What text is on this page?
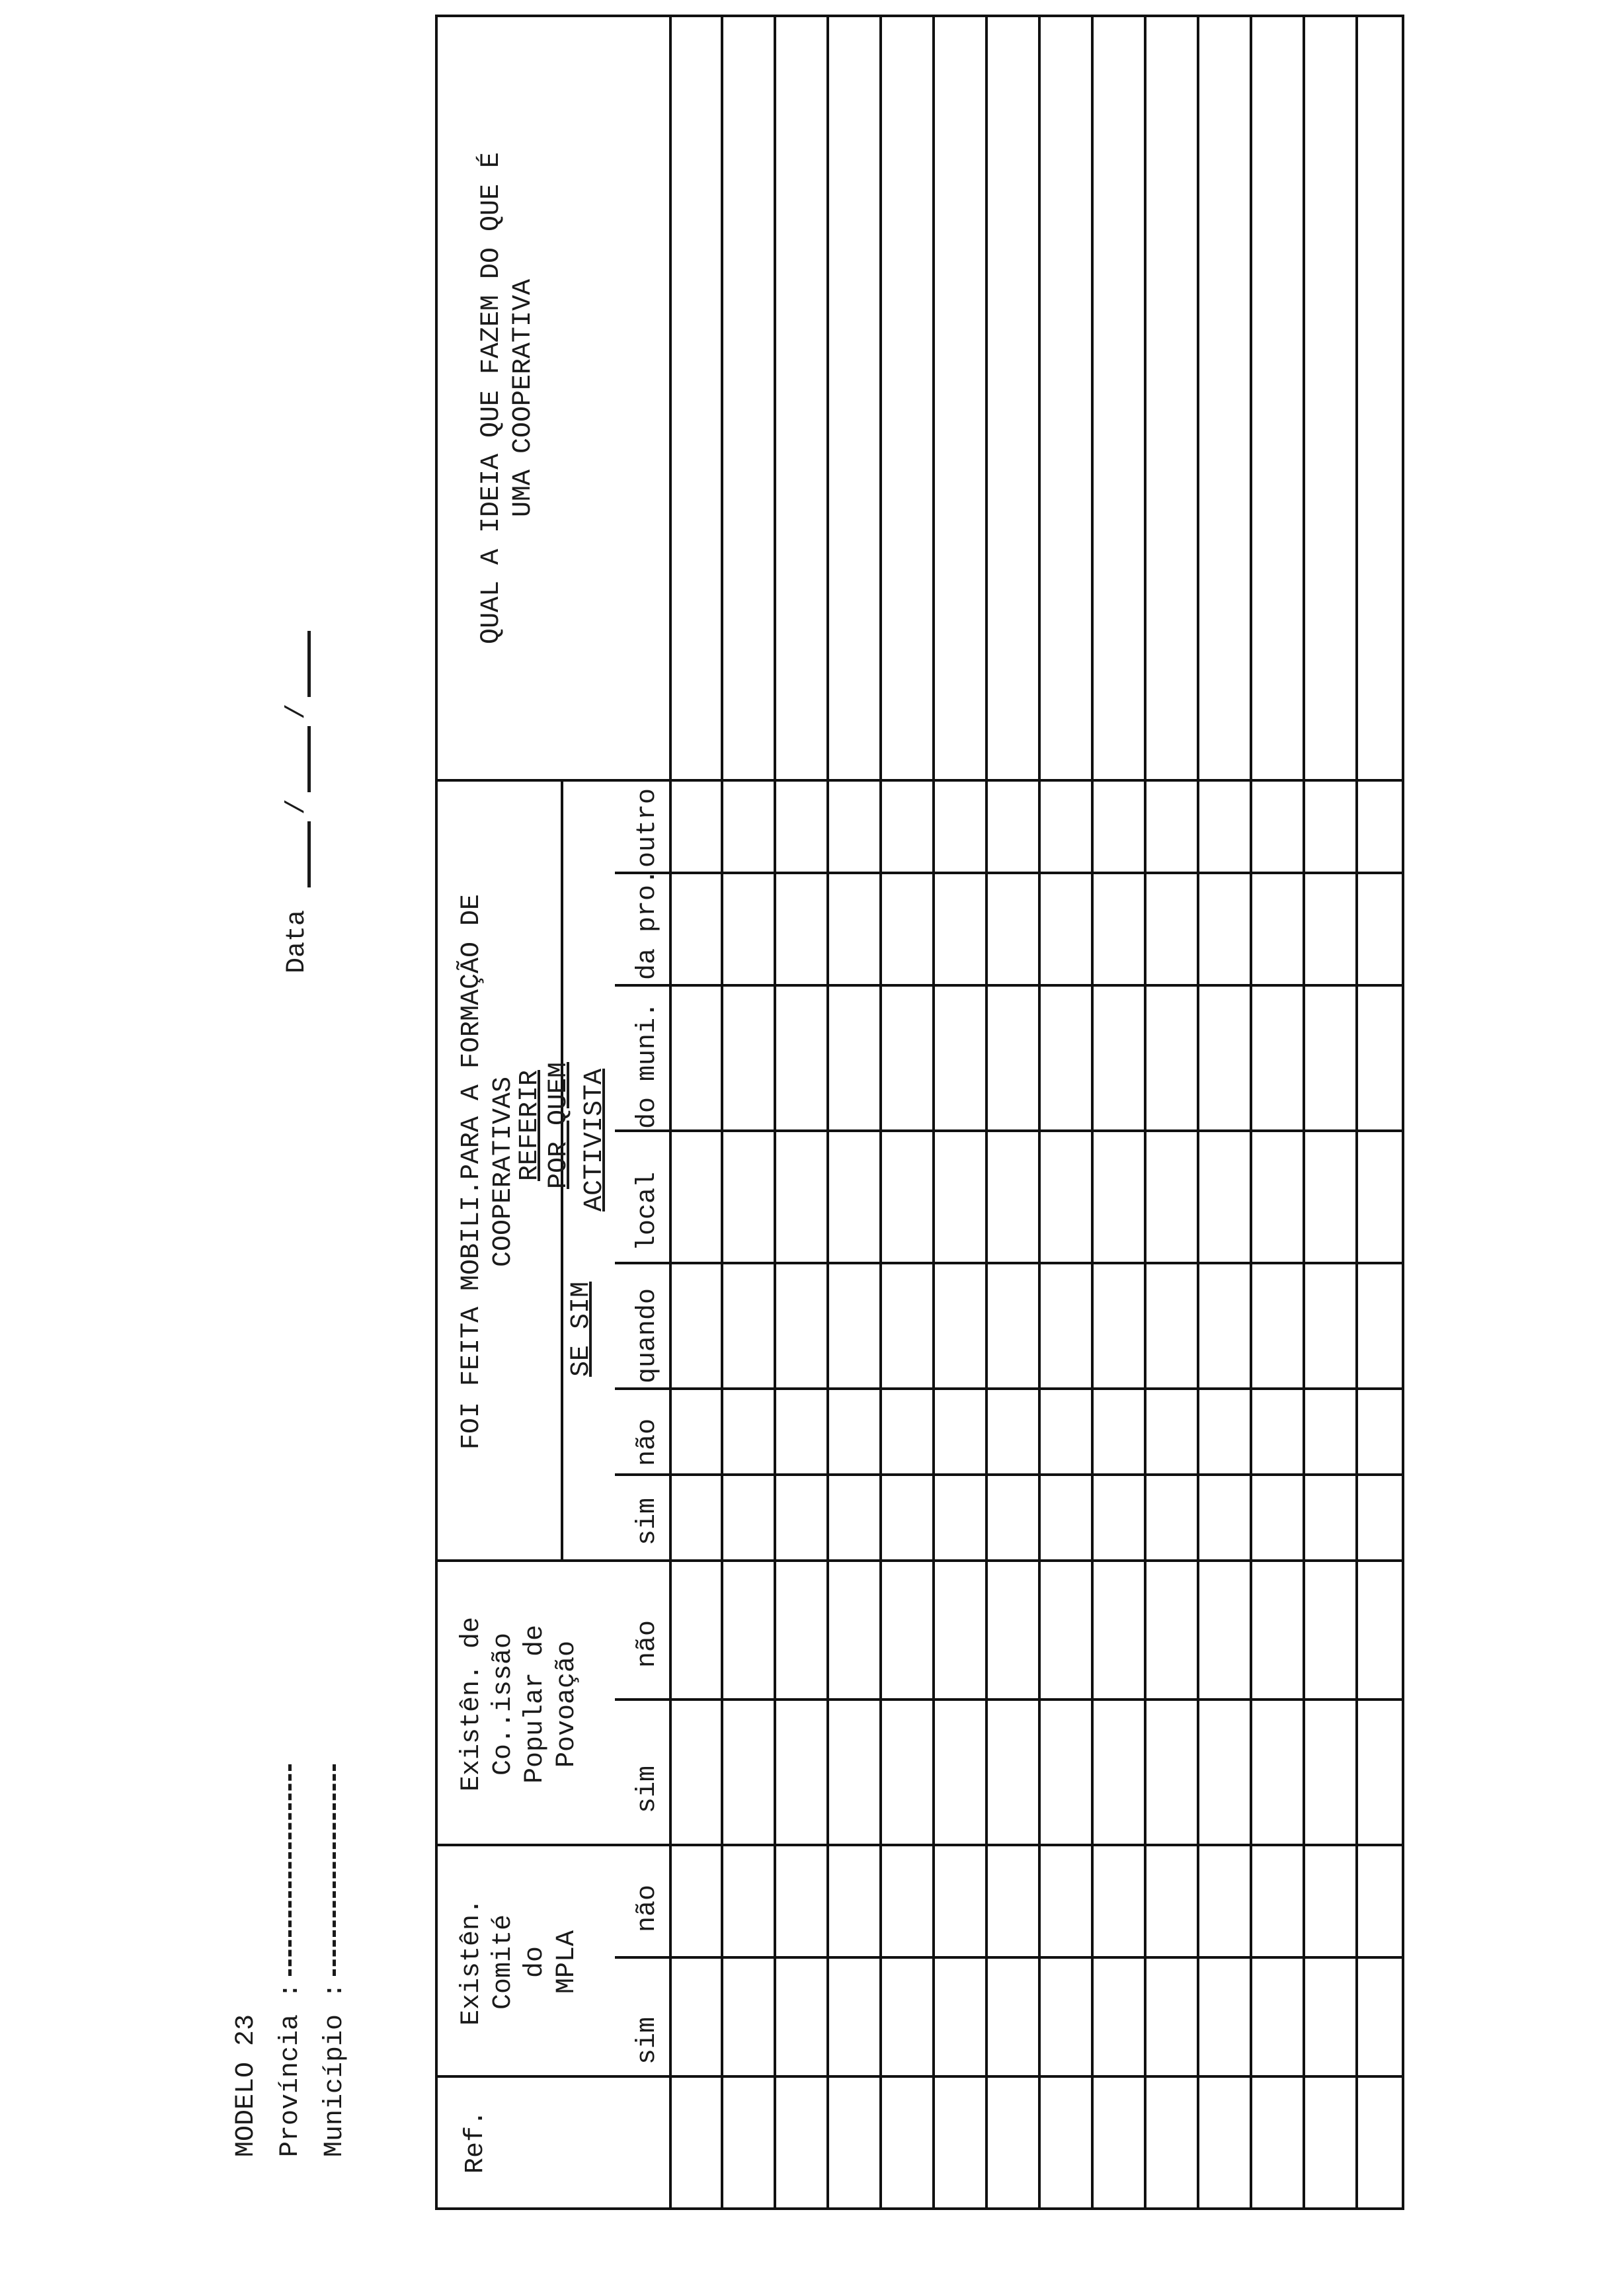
MODELO 23 Província : Município :
Data //
Ref.
Existên. Comité do MPLA
Existên. de Co..issão Popular de Povoação
FOI FEITA MOBILI.PARA A FORMAÇÃO DE COOPERATIVAS
SE SIM
REFERIR POR QUEM ACTIVISTA
QUAL A IDEIA QUE FAZEM DO QUE É UMA COOPERATIVA
sim
não
sim
não
sim
não
quando
local
do muni.
da pro.
outro
